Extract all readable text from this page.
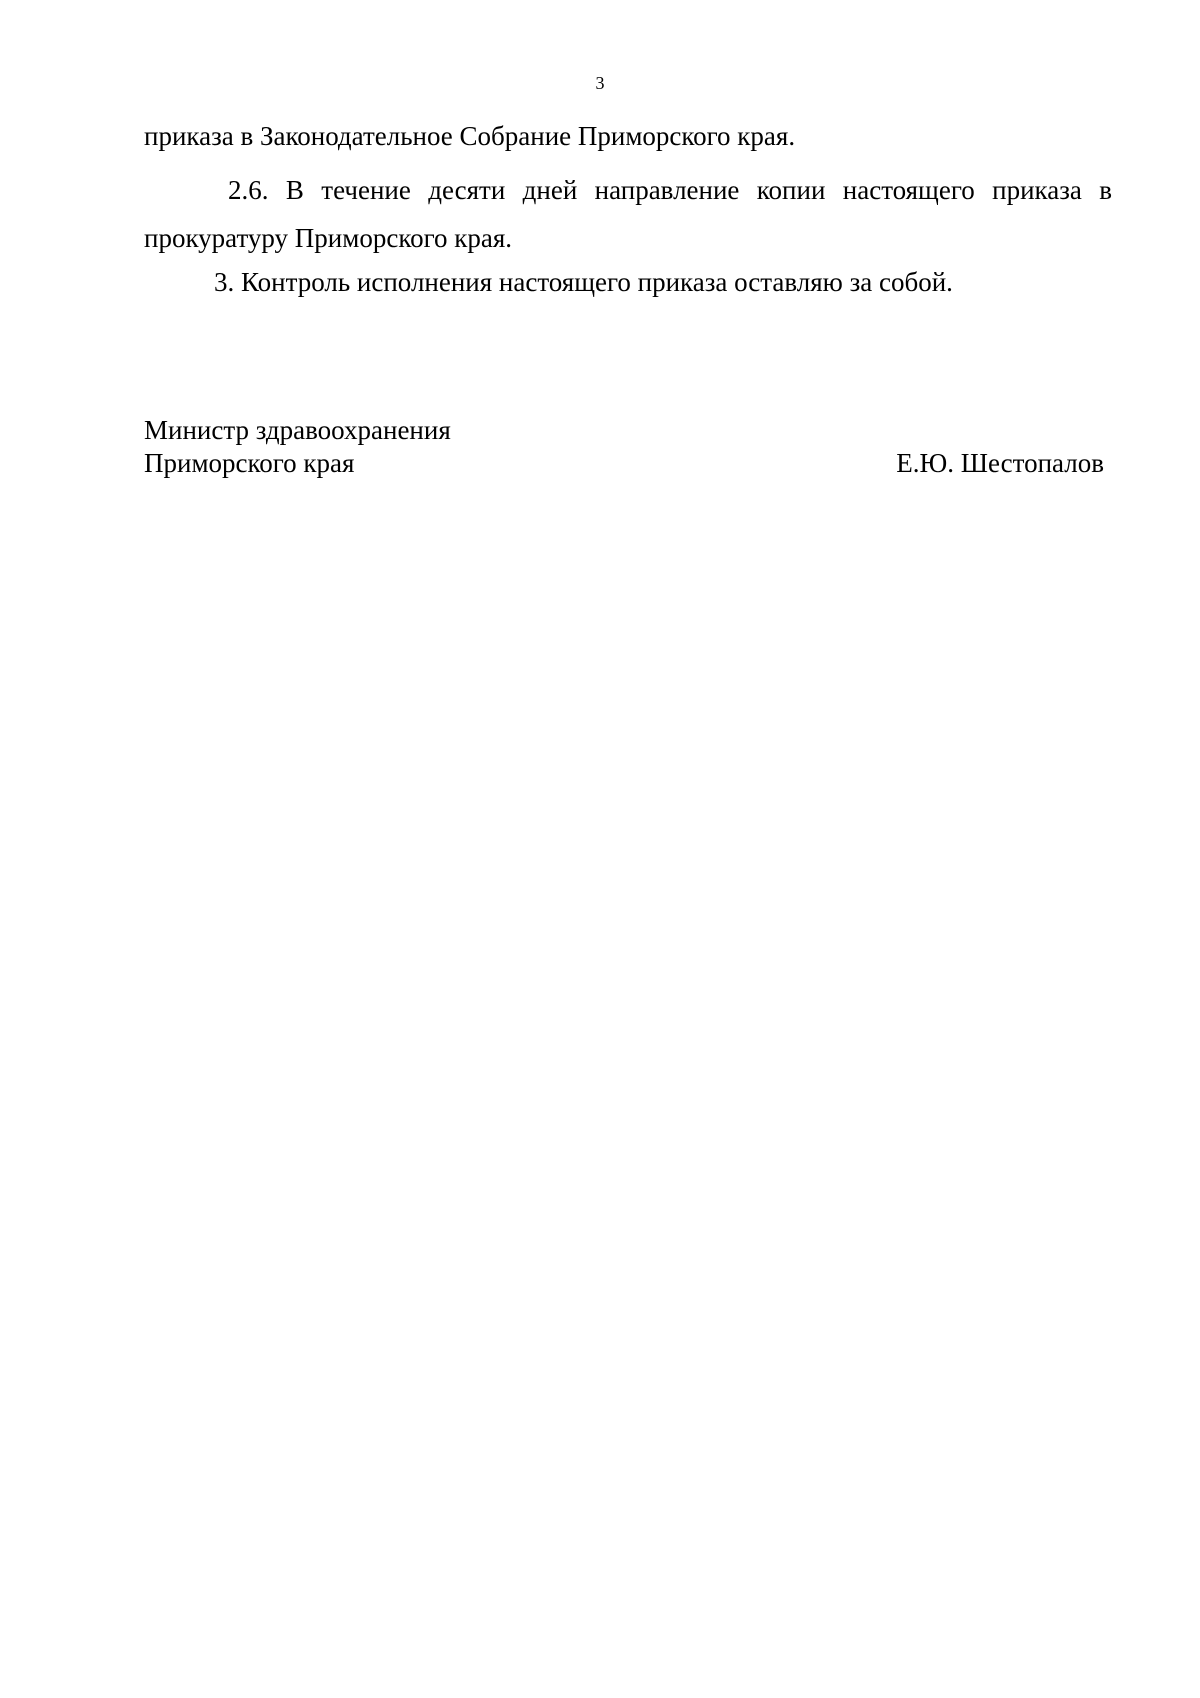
3
приказа в Законодательное Собрание Приморского края.
2.6. В течение десяти дней направление копии настоящего приказа в прокуратуру Приморского края.
3. Контроль исполнения настоящего приказа оставляю за собой.
Министр здравоохранения
Приморского края	Е.Ю. Шестопалов
